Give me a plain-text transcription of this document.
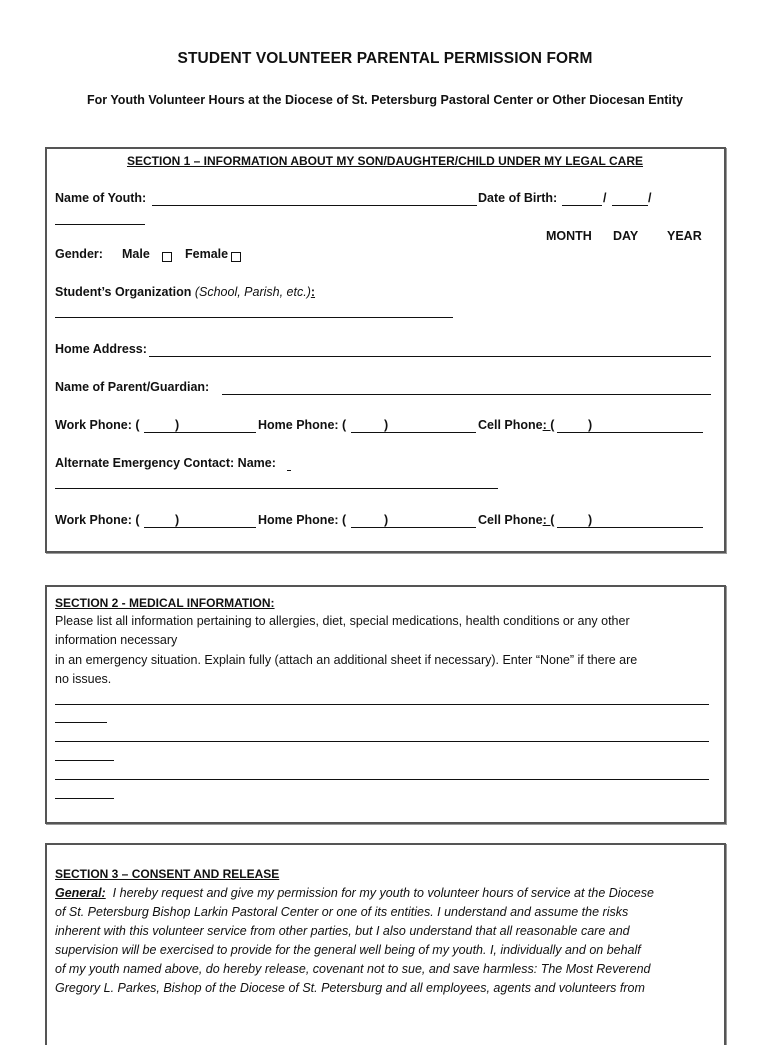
STUDENT VOLUNTEER PARENTAL PERMISSION FORM
For Youth Volunteer Hours at the Diocese of St. Petersburg Pastoral Center or Other Diocesan Entity
SECTION 1 – INFORMATION ABOUT MY SON/DAUGHTER/CHILD UNDER MY LEGAL CARE
Name of Youth:	Date of Birth:	/	/
MONTH DAY YEAR
Gender: Male	Female
Student’s Organization (School, Parish, etc.):
Home Address:
Name of Parent/Guardian:
Work Phone: (	)	Home Phone: (	)	Cell Phone: (	)
Alternate Emergency Contact: Name:
Work Phone: (	)	Home Phone: (	)	Cell Phone: (	)
SECTION 2 - MEDICAL INFORMATION:
Please list all information pertaining to allergies, diet, special medications, health conditions or any other
information necessary
in an emergency situation. Explain fully (attach an additional sheet if necessary). Enter “None” if there are
no issues.
SECTION 3 – CONSENT AND RELEASE
General: I hereby request and give my permission for my youth to volunteer hours of service at the Diocese
of St. Petersburg Bishop Larkin Pastoral Center or one of its entities. I understand and assume the risks
inherent with this volunteer service from other parties, but I also understand that all reasonable care and
supervision will be exercised to provide for the general well being of my youth. I, individually and on behalf
of my youth named above, do hereby release, covenant not to sue, and save harmless: The Most Reverend
Gregory L. Parkes, Bishop of the Diocese of St. Petersburg and all employees, agents and volunteers from
